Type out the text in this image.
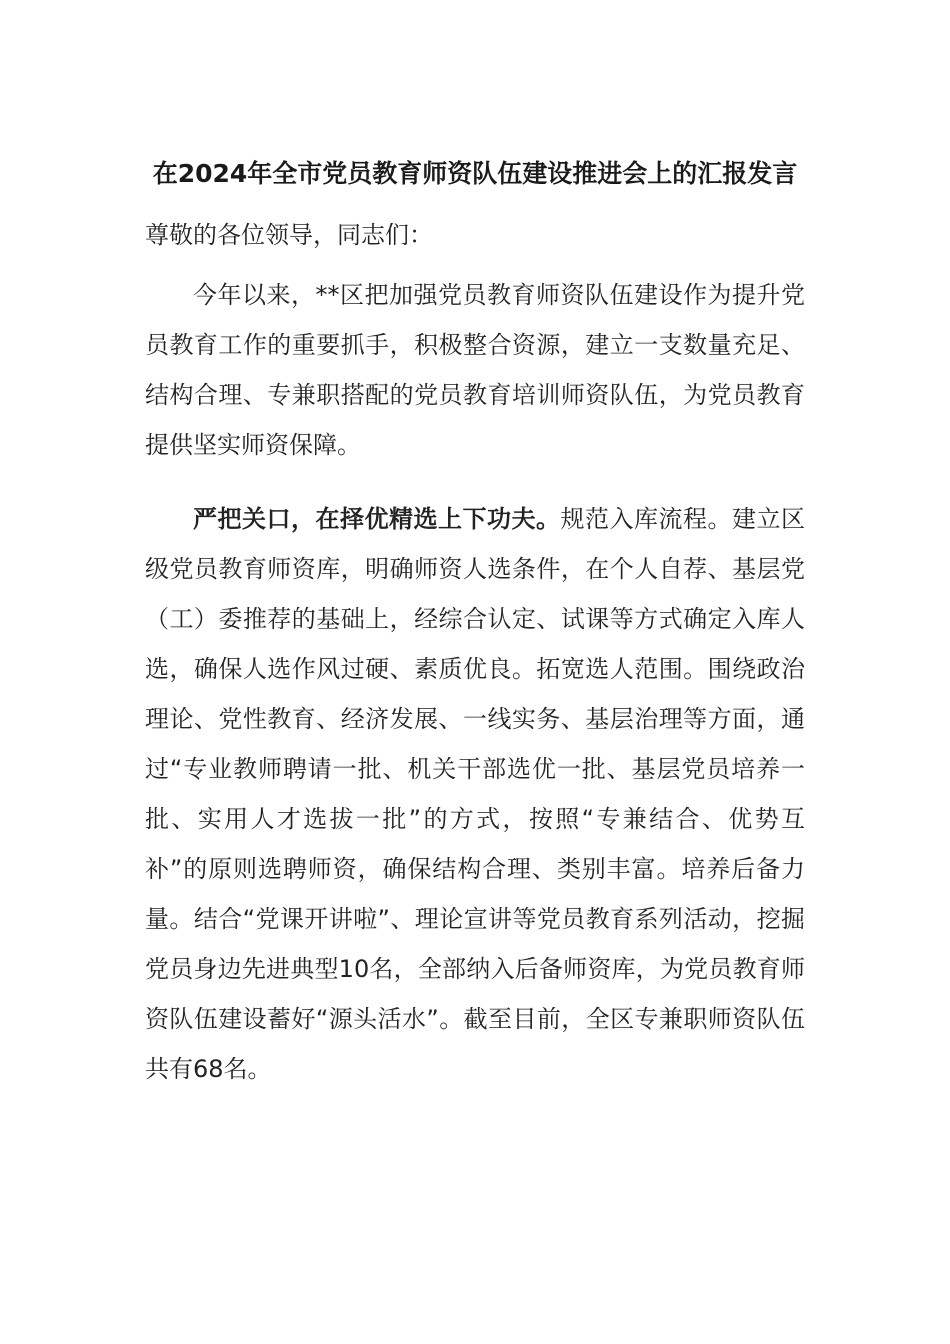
在2024年全市党员教育师资队伍建设推进会上的汇报发言
尊敬的各位领导，同志们：

今年以来，**区把加强党员教育师资队伍建设作为提升党员教育工作的重要抓手，积极整合资源，建立一支数量充足、结构合理、专兼职搭配的党员教育培训师资队伍，为党员教育提供坚实师资保障。

严把关口，在择优精选上下功夫。规范入库流程。建立区级党员教育师资库，明确师资人选条件，在个人自荐、基层党（工）委推荐的基础上，经综合认定、试课等方式确定入库人选，确保人选作风过硬、素质优良。拓宽选人范围。围绕政治理论、党性教育、经济发展、一线实务、基层治理等方面，通过“专业教师聘请一批、机关干部选优一批、基层党员培养一批、实用人才选拔一批”的方式，按照“专兼结合、优势互补”的原则选聘师资，确保结构合理、类别丰富。培养后备力量。结合“党课开讲啦”、理论宣讲等党员教育系列活动，挖掘党员身边先进典型10名，全部纳入后备师资库，为党员教育师资队伍建设蓄好“源头活水”。截至目前，全区专兼职师资队伍共有68名。
